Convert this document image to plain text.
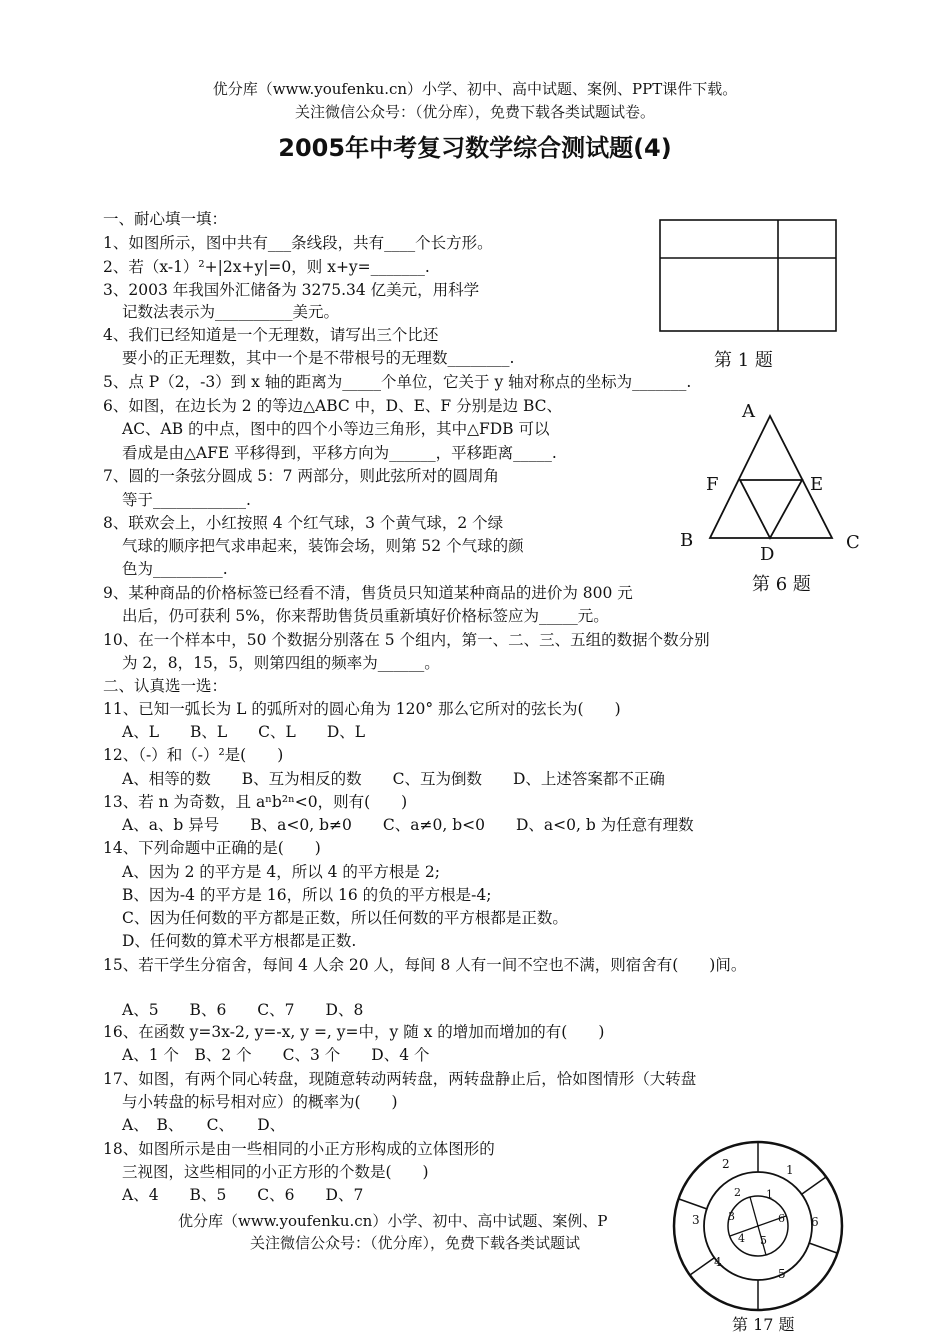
优分库（www.youfenku.cn）小学、初中、高中试题、案例、PPT课件下载。
关注微信公众号：（优分库），免费下载各类试题试卷。
2005年中考复习数学综合测试题(4)
一、耐心填一填：
1、如图所示，图中共有___条线段，共有____个长方形。
2、若（x-1）²+|2x+y|=0，则 x+y=_______.
3、2003 年我国外汇储备为 3275.34 亿美元，用科学
记数法表示为__________美元。
4、我们已经知道是一个无理数，请写出三个比还
要小的正无理数，其中一个是不带根号的无理数________.
5、点 P（2，-3）到 x 轴的距离为_____个单位，它关于 y 轴对称点的坐标为_______.
6、如图，在边长为 2 的等边△ABC 中，D、E、F 分别是边 BC、
AC、AB 的中点，图中的四个小等边三角形，其中△FDB 可以
看成是由△AFE 平移得到，平移方向为______，平移距离_____.
7、圆的一条弦分圆成 5：7 两部分，则此弦所对的圆周角
等于____________.
8、联欢会上，小红按照 4 个红气球，3 个黄气球，2 个绿
气球的顺序把气求串起来，装饰会场，则第 52 个气球的颜
色为_________.
9、某种商品的价格标签已经看不清，售货员只知道某种商品的进价为 800 元
出后，仍可获利 5%，你来帮助售货员重新填好价格标签应为_____元。
10、在一个样本中，50 个数据分别落在 5 个组内，第一、二、三、五组的数据个数分别
为 2，8，15，5，则第四组的频率为______。
二、认真选一选：
11、已知一弧长为 L 的弧所对的圆心角为 120° 那么它所对的弦长为(　　)
A、L　　B、L　　C、L　　D、L
12、（-）和（-）²是(　　)
A、相等的数　　B、互为相反的数　　C、互为倒数　　D、上述答案都不正确
13、若 n 为奇数，且 aⁿb²ⁿ<0，则有(　　)
A、a、b 异号　　B、a<0, b≠0　　C、a≠0, b<0　　D、a<0, b 为任意有理数
14、下列命题中正确的是(　　)
A、因为 2 的平方是 4，所以 4 的平方根是 2;
B、因为-4 的平方是 16，所以 16 的负的平方根是-4;
C、因为任何数的平方都是正数，所以任何数的平方根都是正数。
D、任何数的算术平方根都是正数.
15、若干学生分宿舍，每间 4 人余 20 人，每间 8 人有一间不空也不满，则宿舍有(　　)间。
A、5　　B、6　　C、7　　D、8
16、在函数 y=3x-2, y=-x, y =, y=中，y 随 x 的增加而增加的有(　　)
A、1 个　B、2 个　　C、3 个　　D、4 个
17、如图，有两个同心转盘，现随意转动两转盘，两转盘静止后，恰如图情形（大转盘
与小转盘的标号相对应）的概率为(　　)
A、　B、　　C、　　D、
18、如图所示是由一些相同的小正方形构成的立体图形的
三视图，这些相同的小正方形的个数是(　　)
A、4　　B、5　　C、6　　D、7
优分库（www.youfenku.cn）小学、初中、高中试题、案例、P
关注微信公众号：（优分库），免费下载各类试题试
第 1 题
A
F	E
B	C
D
第 6 题
2	1
6
5
4
3
2 1
6
5
4
3
第 17 题
